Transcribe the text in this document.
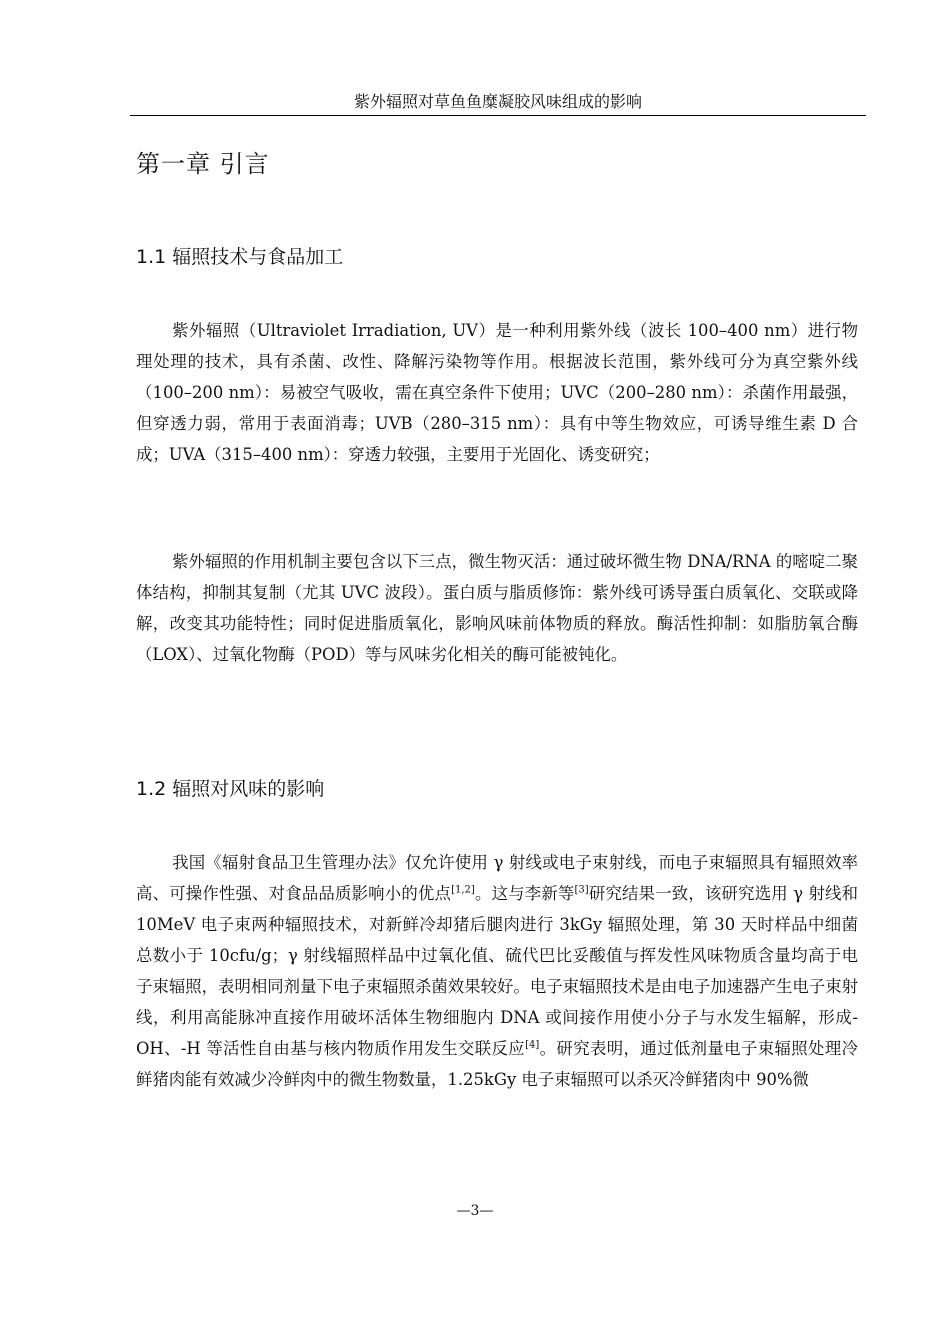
紫外辐照对草鱼鱼糜凝胶风味组成的影响
第一章 引言
1.1 辐照技术与食品加工

紫外辐照（Ultraviolet Irradiation, UV）是一种利用紫外线（波长 100–400 nm）进行物理处理的技术，具有杀菌、改性、降解污染物等作用。根据波长范围，紫外线可分为真空紫外线（100–200 nm）：易被空气吸收，需在真空条件下使用；UVC（200–280 nm）：杀菌作用最强，但穿透力弱，常用于表面消毒；UVB（280–315 nm）：具有中等生物效应，可诱导维生素 D 合成；UVA（315–400 nm）：穿透力较强，主要用于光固化、诱变研究；

紫外辐照的作用机制主要包含以下三点，微生物灭活：通过破坏微生物 DNA/RNA 的嘧啶二聚体结构，抑制其复制（尤其 UVC 波段）。蛋白质与脂质修饰：紫外线可诱导蛋白质氧化、交联或降解，改变其功能特性；同时促进脂质氧化，影响风味前体物质的释放。酶活性抑制：如脂肪氧合酶（LOX）、过氧化物酶（POD）等与风味劣化相关的酶可能被钝化。

1.2 辐照对风味的影响

我国《辐射食品卫生管理办法》仅允许使用 γ 射线或电子束射线，而电子束辐照具有辐照效率高、可操作性强、对食品品质影响小的优点[1,2]。这与李新等[3]研究结果一致，该研究选用 γ 射线和 10MeV 电子束两种辐照技术，对新鲜冷却猪后腿肉进行 3kGy 辐照处理，第 30 天时样品中细菌总数小于 10cfu/g；γ 射线辐照样品中过氧化值、硫代巴比妥酸值与挥发性风味物质含量均高于电子束辐照，表明相同剂量下电子束辐照杀菌效果较好。电子束辐照技术是由电子加速器产生电子束射线，利用高能脉冲直接作用破坏活体生物细胞内 DNA 或间接作用使小分子与水发生辐解，形成-OH、-H 等活性自由基与核内物质作用发生交联反应[4]。研究表明，通过低剂量电子束辐照处理冷鲜猪肉能有效减少冷鲜肉中的微生物数量，1.25kGy 电子束辐照可以杀灭冷鲜猪肉中 90%微

—3—
